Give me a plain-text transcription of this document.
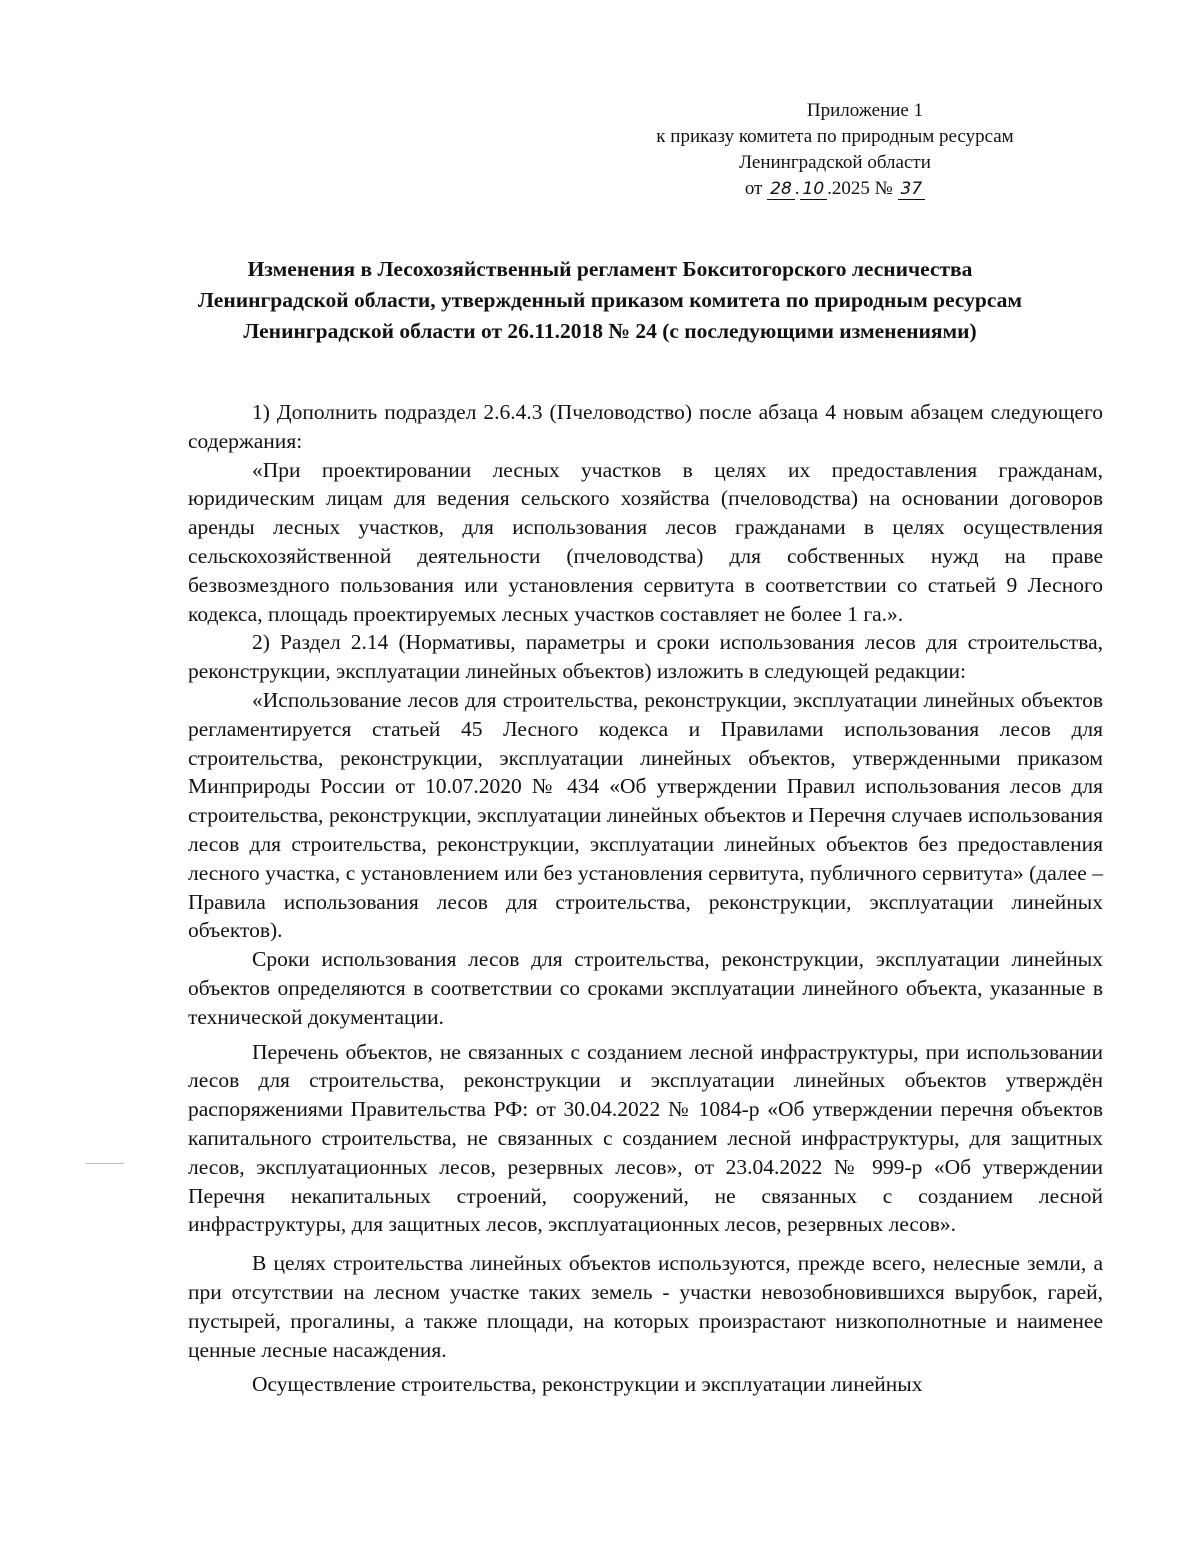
Приложение 1
к приказу комитета по природным ресурсам
Ленинградской области
от 28 . 10 .2025 № 37
Изменения в Лесохозяйственный регламент Бокситогорского лесничества Ленинградской области, утвержденный приказом комитета по природным ресурсам Ленинградской области от 26.11.2018 № 24 (с последующими изменениями)

1) Дополнить подраздел 2.6.4.3 (Пчеловодство) после абзаца 4 новым абзацем следующего содержания:

«При проектировании лесных участков в целях их предоставления гражданам, юридическим лицам для ведения сельского хозяйства (пчеловодства) на основании договоров аренды лесных участков, для использования лесов гражданами в целях осуществления сельскохозяйственной деятельности (пчеловодства) для собственных нужд на праве безвозмездного пользования или установления сервитута в соответствии со статьей 9 Лесного кодекса, площадь проектируемых лесных участков составляет не более 1 га.».

2) Раздел 2.14 (Нормативы, параметры и сроки использования лесов для строительства, реконструкции, эксплуатации линейных объектов) изложить в следующей редакции:

«Использование лесов для строительства, реконструкции, эксплуатации линейных объектов регламентируется статьей 45 Лесного кодекса и Правилами использования лесов для строительства, реконструкции, эксплуатации линейных объектов, утвержденными приказом Минприроды России от 10.07.2020 № 434 «Об утверждении Правил использования лесов для строительства, реконструкции, эксплуатации линейных объектов и Перечня случаев использования лесов для строительства, реконструкции, эксплуатации линейных объектов без предоставления лесного участка, с установлением или без установления сервитута, публичного сервитута» (далее – Правила использования лесов для строительства, реконструкции, эксплуатации линейных объектов).

Сроки использования лесов для строительства, реконструкции, эксплуатации линейных объектов определяются в соответствии со сроками эксплуатации линейного объекта, указанные в технической документации.

Перечень объектов, не связанных с созданием лесной инфраструктуры, при использовании лесов для строительства, реконструкции и эксплуатации линейных объектов утверждён распоряжениями Правительства РФ: от 30.04.2022 № 1084-р «Об утверждении перечня объектов капитального строительства, не связанных с созданием лесной инфраструктуры, для защитных лесов, эксплуатационных лесов, резервных лесов», от 23.04.2022 № 999-р «Об утверждении Перечня некапитальных строений, сооружений, не связанных с созданием лесной инфраструктуры, для защитных лесов, эксплуатационных лесов, резервных лесов».

В целях строительства линейных объектов используются, прежде всего, нелесные земли, а при отсутствии на лесном участке таких земель - участки невозобновившихся вырубок, гарей, пустырей, прогалины, а также площади, на которых произрастают низкополнотные и наименее ценные лесные насаждения.

Осуществление строительства, реконструкции и эксплуатации линейных
